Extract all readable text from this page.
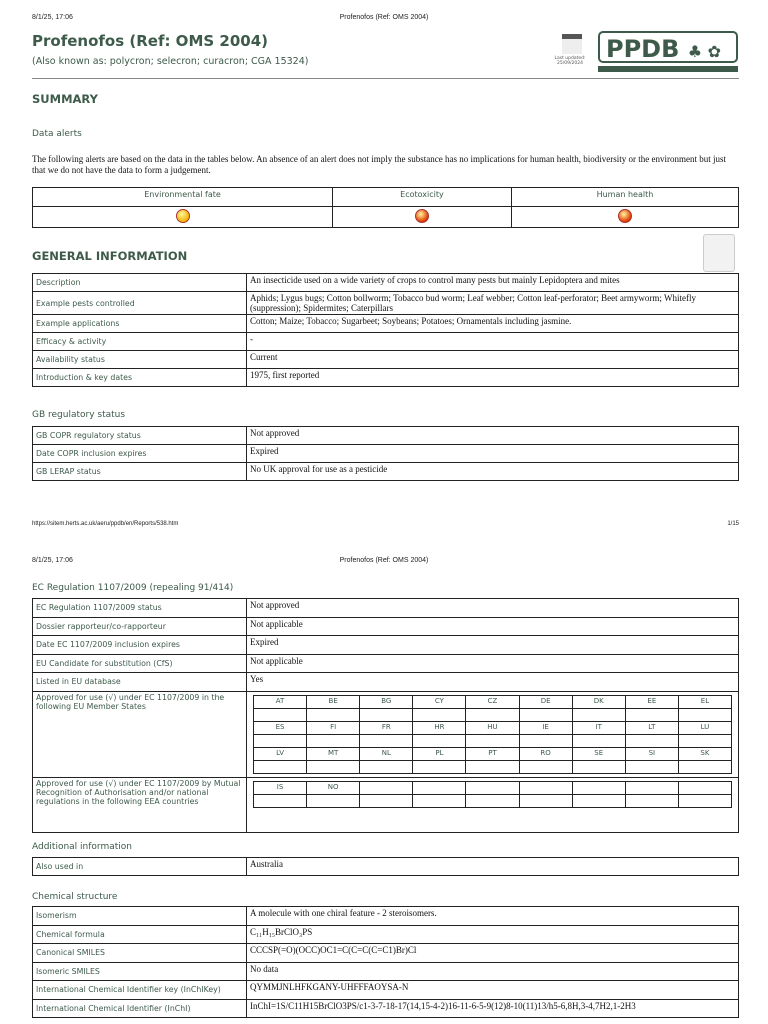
8/1/25, 17:06	Profenofos (Ref: OMS 2004)
Profenofos (Ref: OMS 2004)
(Also known as: polycron; selecron; curacron; CGA 15324)	Last updated:
25/09/2024
PPDB ♣ ✿
SUMMARY
Data alerts
The following alerts are based on the data in the tables below. An absence of an alert does not imply the substance has no implications for human health, biodiversity or the environment but just that we do not have the data to form a judgement.
Environmental fate	Ecotoxicity	Human health

GENERAL INFORMATION
Description	An insecticide used on a wide variety of crops to control many pests but mainly Lepidoptera and mites
Example pests controlled	Aphids; Lygus bugs; Cotton bollworm; Tobacco bud worm; Leaf webber; Cotton leaf-perforator; Beet armyworm; Whitefly (suppression); Spidermites; Caterpillars
Example applications	Cotton; Maize; Tobacco; Sugarbeet; Soybeans; Potatoes; Ornamentals including jasmine.
Efficacy & activity	-
Availability status	Current
Introduction & key dates	1975, first reported
GB regulatory status
GB COPR regulatory status	Not approved
Date COPR inclusion expires	Expired
GB LERAP status	No UK approval for use as a pesticide
https://sitem.herts.ac.uk/aeru/ppdb/en/Reports/538.htm	1/15
8/1/25, 17:06	Profenofos (Ref: OMS 2004)
EC Regulation 1107/2009 (repealing 91/414)
EC Regulation 1107/2009 status	Not approved
Dossier rapporteur/co-rapporteur	Not applicable
Date EC 1107/2009 inclusion expires	Expired
EU Candidate for substitution (CfS)	Not applicable
Listed in EU database	Yes
Approved for use (√) under EC 1107/2009 in the following EU Member States	
AT	BE	BG	CY	CZ	DE	DK	EE	EL

ES	FI	FR	HR	HU	IE	IT	LT	LU

LV	MT	NL	PL	PT	RO	SE	SI	SK

Approved for use (√) under EC 1107/2009 by Mutual Recognition of Authorisation and/or national regulations in the following EEA countries	
IS	NO							

Additional information
Also used in	Australia
Chemical structure
Isomerism	A molecule with one chiral feature - 2 steroisomers.
Chemical formula	C₁₁H₁₅BrClO₃PS
Canonical SMILES	CCCSP(=O)(OCC)OC1=C(C=C(C=C1)Br)Cl
Isomeric SMILES	No data
International Chemical Identifier key (InChIKey)	QYMMJNLHFKGANY-UHFFFAOYSA-N
International Chemical Identifier (InChI)	InChI=1S/C11H15BrClO3PS/c1-3-7-18-17(14,15-4-2)16-11-6-5-9(12)8-10(11)13/h5-6,8H,3-4,7H2,1-2H3
